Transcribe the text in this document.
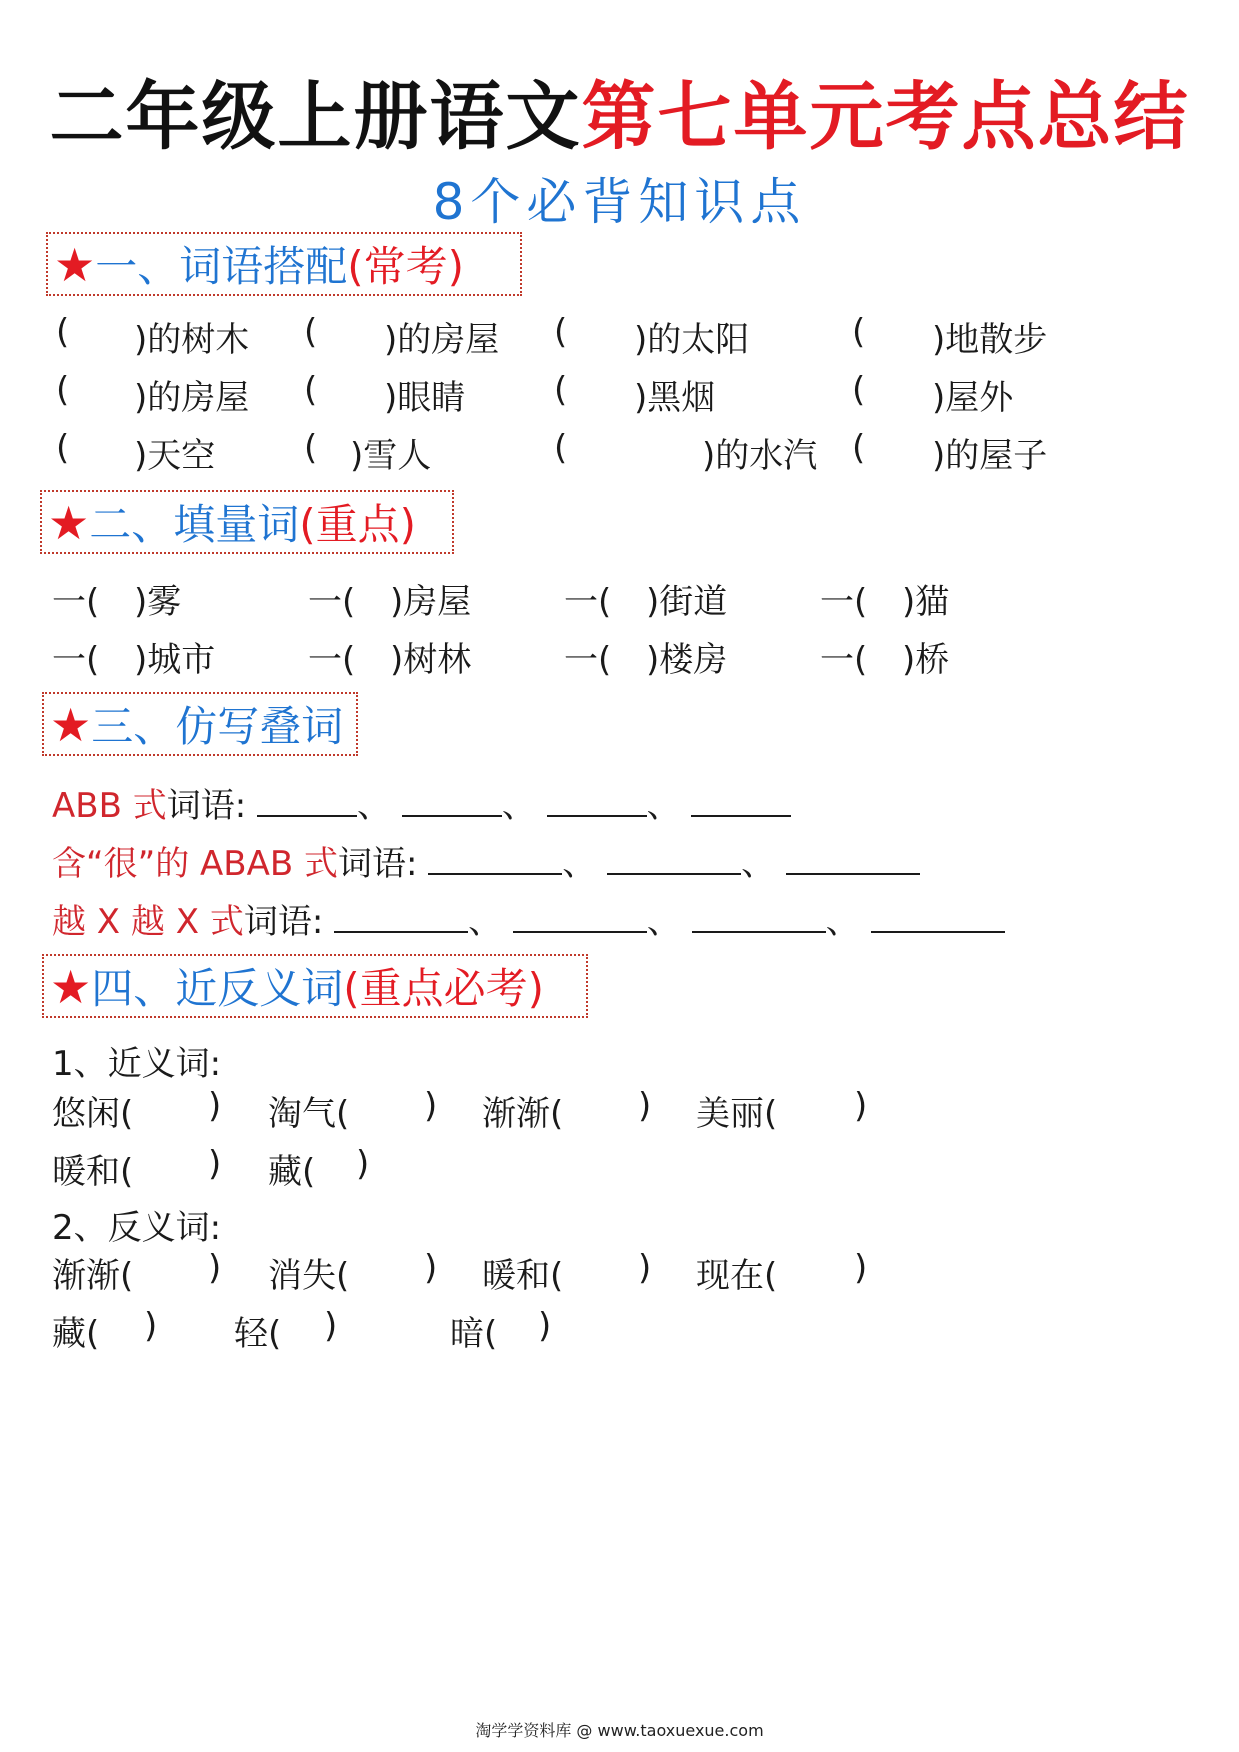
二年级上册语文第七单元考点总结
8个必背知识点
★一、词语搭配(常考)
( )的树木 ( )的房屋 ( )的太阳	( )地散步
( )的房屋 ( )眼睛	( )黑烟	( )屋外
( )天空	( )雪人	(	)的水汽 ( )的屋子
★二、填量词(重点)
一( )雾	一( )房屋	一( )街道	一( )猫
一( )城市	一( )树林	一( )楼房	一( )桥
★三、仿写叠词
ABB 式词语:	、	、	、
含“很”的 ABAB 式词语:	、	、
越 X 越 X 式词语:	、	、	、
★四、近反义词(重点必考)
1、近义词:
悠闲( ) 淘气( ) 渐渐( ) 美丽( )
暖和( ) 藏( )
2、反义词:
渐渐( ) 消失( ) 暖和( ) 现在( )
藏( ) 轻( )	暗( )
淘学学资料库 @ www.taoxuexue.com
